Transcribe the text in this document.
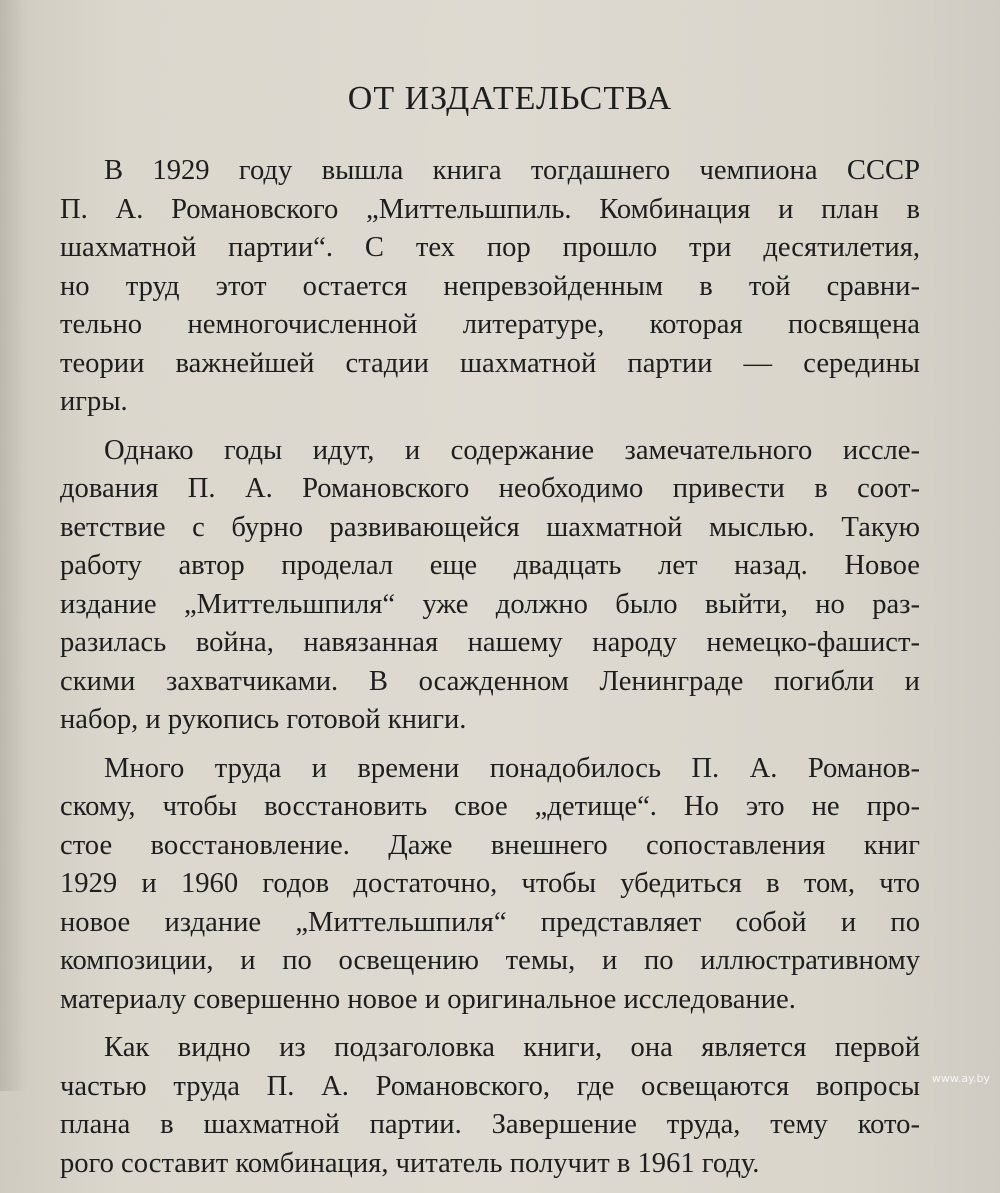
ОТ ИЗДАТЕЛЬСТВА
В 1929 году вышла книга тогдашнего чемпиона СССР
П. А. Романовского „Миттельшпиль. Комбинация и план в
шахматной партии“. С тех пор прошло три десятилетия,
но труд этот остается непревзойденным в той сравни-
тельно немногочисленной литературе, которая посвящена
теории важнейшей стадии шахматной партии — середины
игры.
Однако годы идут, и содержание замечательного иссле-
дования П. А. Романовского необходимо привести в соот-
ветствие с бурно развивающейся шахматной мыслью. Такую
работу автор проделал еще двадцать лет назад. Новое
издание „Миттельшпиля“ уже должно было выйти, но раз-
разилась война, навязанная нашему народу немецко-фашист-
скими захватчиками. В осажденном Ленинграде погибли и
набор, и рукопись готовой книги.
Много труда и времени понадобилось П. А. Романов-
скому, чтобы восстановить свое „детище“. Но это не про-
стое восстановление. Даже внешнего сопоставления книг
1929 и 1960 годов достаточно, чтобы убедиться в том, что
новое издание „Миттельшпиля“ представляет собой и по
композиции, и по освещению темы, и по иллюстративному
материалу совершенно новое и оригинальное исследование.
Как видно из подзаголовка книги, она является первой
частью труда П. А. Романовского, где освещаются вопросы
плана в шахматной партии. Завершение труда, тему кото-
рого составит комбинация, читатель получит в 1961 году.
www.ay.by
